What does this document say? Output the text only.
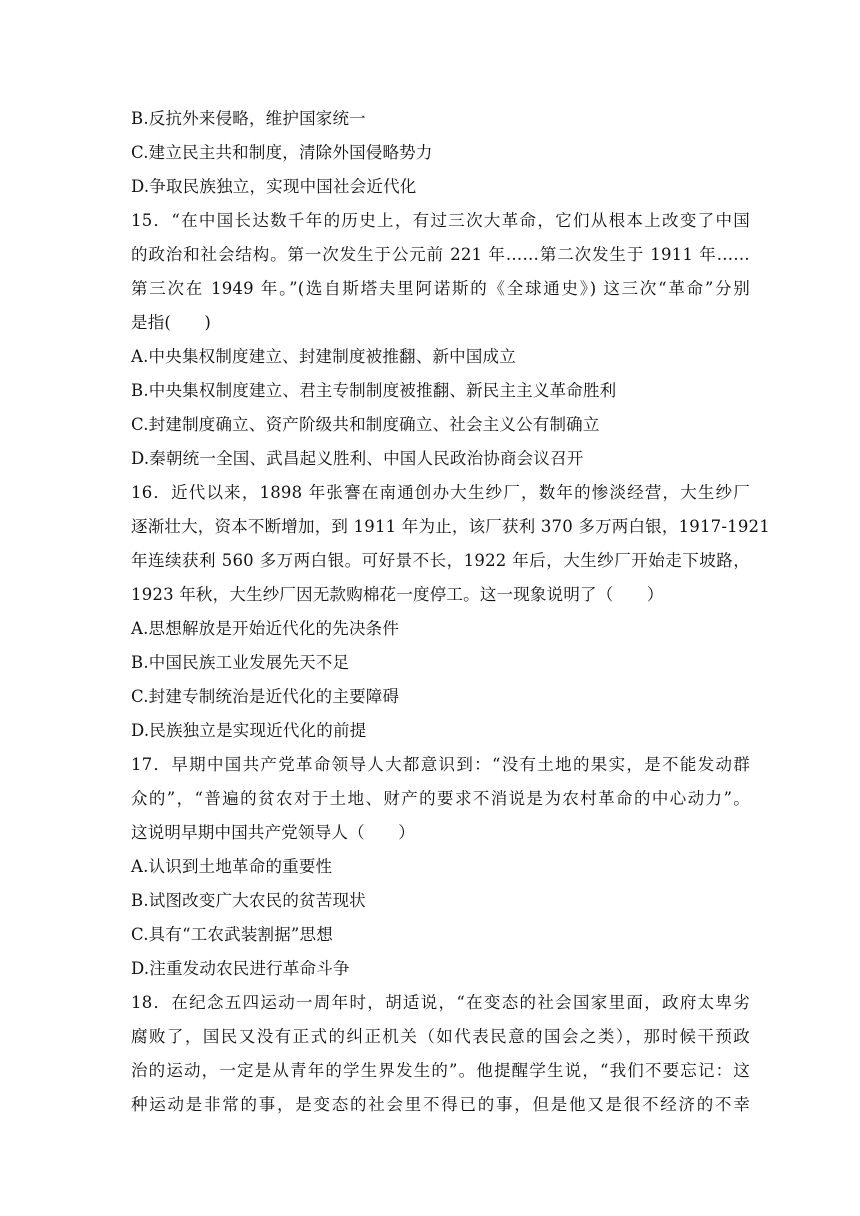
B.反抗外来侵略，维护国家统一
C.建立民主共和制度，清除外国侵略势力
D.争取民族独立，实现中国社会近代化
15．“在中国长达数千年的历史上，有过三次大革命，它们从根本上改变了中国
的政治和社会结构。第一次发生于公元前 221 年……第二次发生于 1911 年……
第三次在 1949 年。”(选自斯塔夫里阿诺斯的《全球通史》) 这三次“革命”分别
是指(　　)
A.中央集权制度建立、封建制度被推翻、新中国成立
B.中央集权制度建立、君主专制制度被推翻、新民主主义革命胜利
C.封建制度确立、资产阶级共和制度确立、社会主义公有制确立
D.秦朝统一全国、武昌起义胜利、中国人民政治协商会议召开
16．近代以来，1898 年张謇在南通创办大生纱厂，数年的惨淡经营，大生纱厂
逐渐壮大，资本不断增加，到 1911 年为止，该厂获利 370 多万两白银，1917-1921
年连续获利 560 多万两白银。可好景不长，1922 年后，大生纱厂开始走下坡路，
1923 年秋，大生纱厂因无款购棉花一度停工。这一现象说明了（　　）
A.思想解放是开始近代化的先决条件
B.中国民族工业发展先天不足
C.封建专制统治是近代化的主要障碍
D.民族独立是实现近代化的前提
17．早期中国共产党革命领导人大都意识到：“没有土地的果实，是不能发动群
众的”，“普遍的贫农对于土地、财产的要求不消说是为农村革命的中心动力”。
这说明早期中国共产党领导人（　　）
A.认识到土地革命的重要性
B.试图改变广大农民的贫苦现状
C.具有“工农武装割据”思想
D.注重发动农民进行革命斗争
18．在纪念五四运动一周年时，胡适说，“在变态的社会国家里面，政府太卑劣
腐败了，国民又没有正式的纠正机关（如代表民意的国会之类），那时候干预政
治的运动，一定是从青年的学生界发生的”。他提醒学生说，“我们不要忘记：这
种运动是非常的事，是变态的社会里不得已的事，但是他又是很不经济的不幸
